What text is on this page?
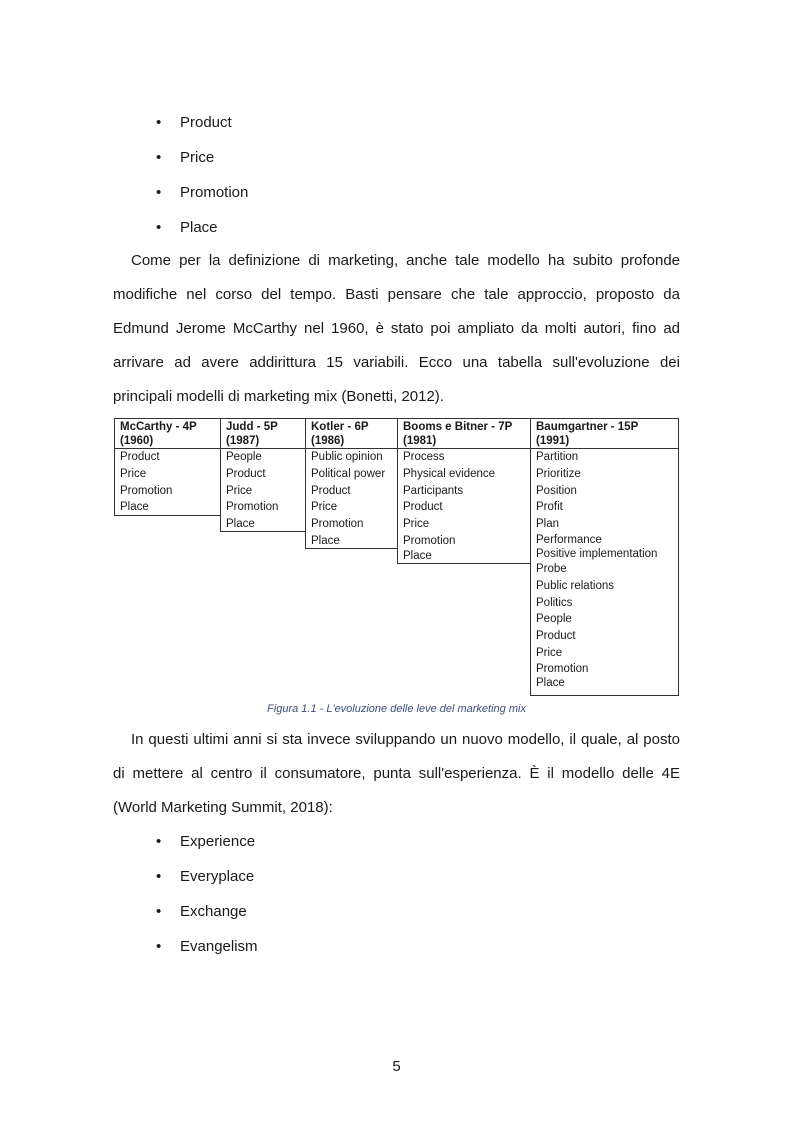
• Product
• Price
• Promotion
• Place

Come per la definizione di marketing, anche tale modello ha subito profonde modifiche nel corso del tempo. Basti pensare che tale approccio, proposto da Edmund Jerome McCarthy nel 1960, è stato poi ampliato da molti autori, fino ad arrivare ad avere addirittura 15 variabili. Ecco una tabella sull'evoluzione dei principali modelli di marketing mix (Bonetti, 2012).

McCarthy - 4P (1960)
Product
Price
Promotion
Place
Judd - 5P (1987)
People
Product
Price
Promotion
Place
Kotler - 6P (1986)
Public opinion
Political power
Product
Price
Promotion
Place
Booms e Bitner - 7P (1981)
Process
Physical evidence
Participants
Product
Price
Promotion
Place
Baumgartner - 15P (1991)
Partition
Prioritize
Position
Profit
Plan
Performance
Positive implementation
Probe
Public relations
Politics
People
Product
Price
Promotion
Place
Figura 1.1 - L'evoluzione delle leve del marketing mix

In questi ultimi anni si sta invece sviluppando un nuovo modello, il quale, al posto di mettere al centro il consumatore, punta sull'esperienza. È il modello delle 4E (World Marketing Summit, 2018):

• Experience
• Everyplace
• Exchange
• Evangelism
5
